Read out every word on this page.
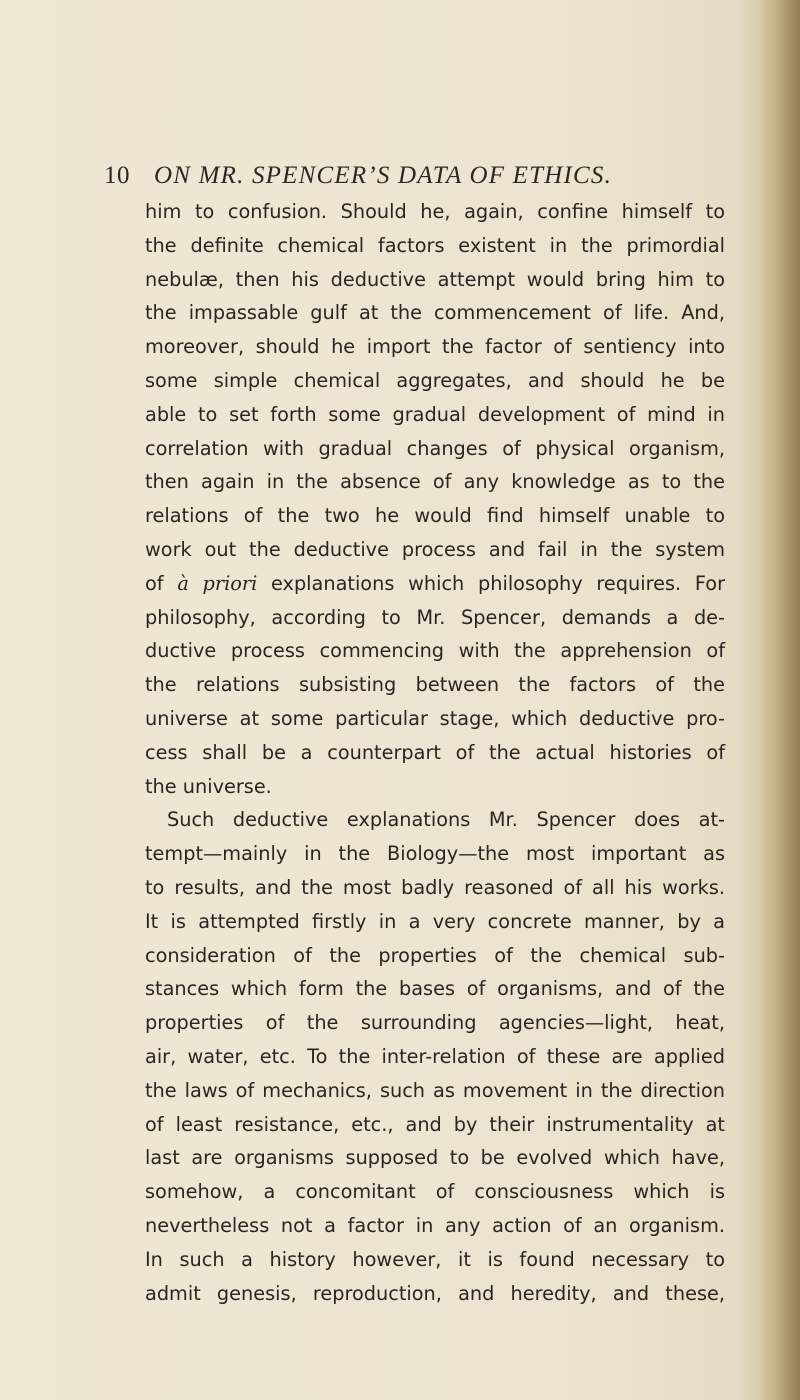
10 ON MR. SPENCER’S DATA OF ETHICS.
him to confusion. Should he, again, confine himself to
the definite chemical factors existent in the primordial
nebulæ, then his deductive attempt would bring him to
the impassable gulf at the commencement of life. And,
moreover, should he import the factor of sentiency into
some simple chemical aggregates, and should he be
able to set forth some gradual development of mind in
correlation with gradual changes of physical organism,
then again in the absence of any knowledge as to the
relations of the two he would find himself unable to
work out the deductive process and fail in the system
of à priori explanations which philosophy requires. For
philosophy, according to Mr. Spencer, demands a de-
ductive process commencing with the apprehension of
the relations subsisting between the factors of the
universe at some particular stage, which deductive pro-
cess shall be a counterpart of the actual histories of
the universe.
Such deductive explanations Mr. Spencer does at-
tempt—mainly in the Biology—the most important as
to results, and the most badly reasoned of all his works.
It is attempted firstly in a very concrete manner, by a
consideration of the properties of the chemical sub-
stances which form the bases of organisms, and of the
properties of the surrounding agencies—light, heat,
air, water, etc. To the inter-relation of these are applied
the laws of mechanics, such as movement in the direction
of least resistance, etc., and by their instrumentality at
last are organisms supposed to be evolved which have,
somehow, a concomitant of consciousness which is
nevertheless not a factor in any action of an organism.
In such a history however, it is found necessary to
admit genesis, reproduction, and heredity, and these,
